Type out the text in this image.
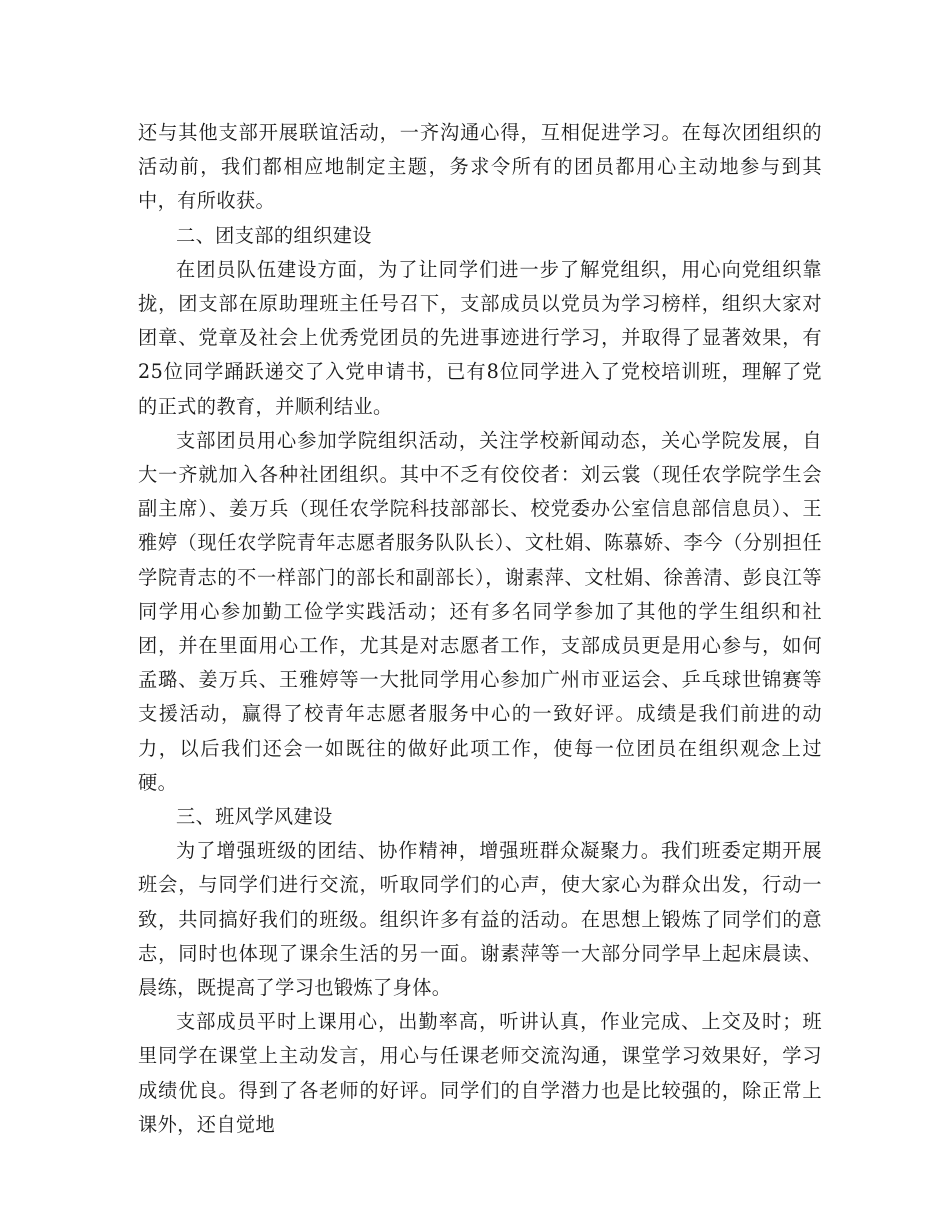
还与其他支部开展联谊活动，一齐沟通心得，互相促进学习。在每次团组织的活动前，我们都相应地制定主题，务求令所有的团员都用心主动地参与到其中，有所收获。

二、团支部的组织建设

在团员队伍建设方面，为了让同学们进一步了解党组织，用心向党组织靠拢，团支部在原助理班主任号召下，支部成员以党员为学习榜样，组织大家对团章、党章及社会上优秀党团员的先进事迹进行学习，并取得了显著效果，有25位同学踊跃递交了入党申请书，已有8位同学进入了党校培训班，理解了党的正式的教育，并顺利结业。

支部团员用心参加学院组织活动，关注学校新闻动态，关心学院发展，自大一齐就加入各种社团组织。其中不乏有佼佼者：刘云裳（现任农学院学生会副主席）、姜万兵（现任农学院科技部部长、校党委办公室信息部信息员）、王雅婷（现任农学院青年志愿者服务队队长）、文杜娟、陈慕娇、李今（分别担任学院青志的不一样部门的部长和副部长），谢素萍、文杜娟、徐善清、彭良江等同学用心参加勤工俭学实践活动；还有多名同学参加了其他的学生组织和社团，并在里面用心工作，尤其是对志愿者工作，支部成员更是用心参与，如何孟璐、姜万兵、王雅婷等一大批同学用心参加广州市亚运会、乒乓球世锦赛等支援活动，赢得了校青年志愿者服务中心的一致好评。成绩是我们前进的动力，以后我们还会一如既往的做好此项工作，使每一位团员在组织观念上过硬。

三、班风学风建设

为了增强班级的团结、协作精神，增强班群众凝聚力。我们班委定期开展班会，与同学们进行交流，听取同学们的心声，使大家心为群众出发，行动一致，共同搞好我们的班级。组织许多有益的活动。在思想上锻炼了同学们的意志，同时也体现了课余生活的另一面。谢素萍等一大部分同学早上起床晨读、晨练，既提高了学习也锻炼了身体。

支部成员平时上课用心，出勤率高，听讲认真，作业完成、上交及时；班里同学在课堂上主动发言，用心与任课老师交流沟通，课堂学习效果好，学习成绩优良。得到了各老师的好评。同学们的自学潜力也是比较强的，除正常上课外，还自觉地
